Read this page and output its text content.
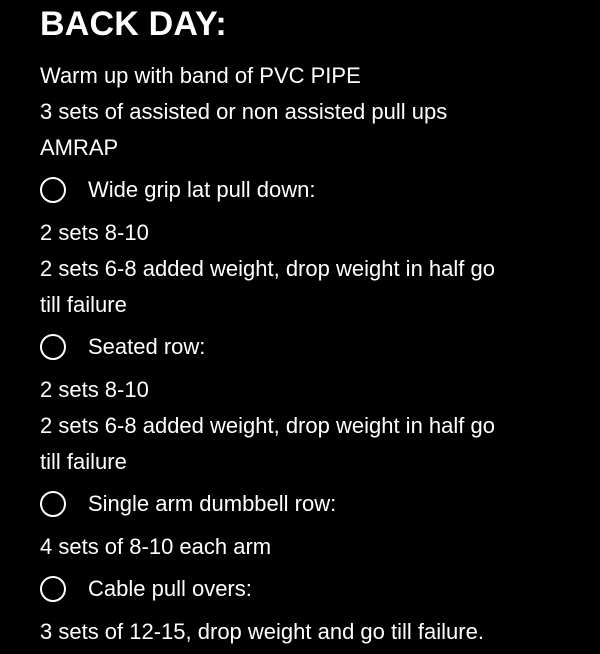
BACK DAY:
Warm up with band of PVC PIPE
3 sets of assisted or non assisted pull ups
AMRAP
Wide grip lat pull down:
2 sets 8-10
2 sets 6-8 added weight, drop weight in half go
till failure
Seated row:
2 sets 8-10
2 sets 6-8 added weight, drop weight in half go
till failure
Single arm dumbbell row:
4 sets of 8-10 each arm
Cable pull overs:
3 sets of 12-15, drop weight and go till failure.
